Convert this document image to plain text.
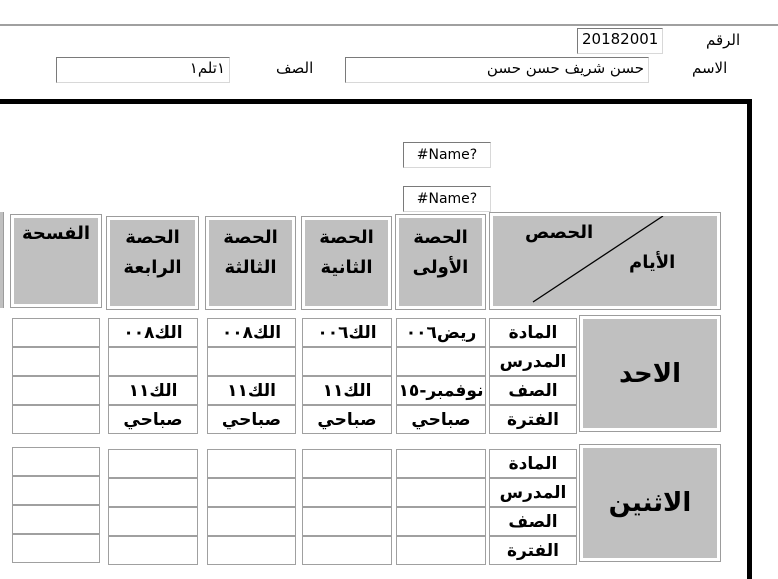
الرقم
20182001
الاسم
حسن شريف حسن حسن
الصف
١تلم١
#Name?
#Name?
الحصص
الأيام
الحصة
الأولى
الحصة
الثانية
الحصة
الثالثة
الحصة
الرابعة
الفسحة
الاحد
الاثنين
المادة
المدرس
الصف
الفترة
المادة
المدرس
الصف
الفترة
ريض٠٠٦
نوفمبر-١٥
صباحي
الك٠٠٦
الك١١
صباحي
الك٠٠٨
الك١١
صباحي
الك٠٠٨
الك١١
صباحي
